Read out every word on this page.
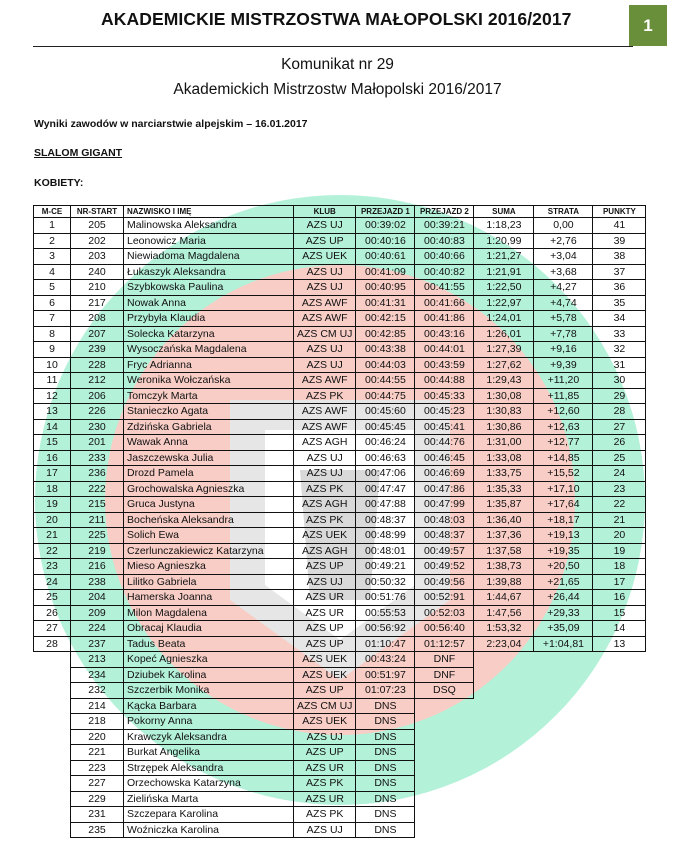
AKADEMICKIE MISTRZOSTWA MAŁOPOLSKI 2016/2017	1
Komunikat nr 29
Akademickich Mistrzostw Małopolski 2016/2017
Wyniki zawodów w narciarstwie alpejskim – 16.01.2017
SLALOM GIGANT
KOBIETY:
M-CE	NR-START	NAZWISKO I IMĘ	KLUB	PRZEJAZD 1	PRZEJAZD 2	SUMA	STRATA	PUNKTY
1	205	Malinowska Aleksandra	AZS UJ	00:39:02	00:39:21	1:18,23	0,00	41
2	202	Leonowicz Maria	AZS UP	00:40:16	00:40:83	1:20,99	+2,76	39
3	203	Niewiadoma Magdalena	AZS UEK	00:40:61	00:40:66	1:21,27	+3,04	38
4	240	Łukaszyk Aleksandra	AZS UJ	00:41:09	00:40:82	1:21,91	+3,68	37
5	210	Szybkowska Paulina	AZS UJ	00:40:95	00:41:55	1:22,50	+4,27	36
6	217	Nowak Anna	AZS AWF	00:41:31	00:41:66	1:22,97	+4,74	35
7	208	Przybyła Klaudia	AZS AWF	00:42:15	00:41:86	1:24,01	+5,78	34
8	207	Solecka Katarzyna	AZS CM UJ	00:42:85	00:43:16	1:26,01	+7,78	33
9	239	Wysoczańska Magdalena	AZS UJ	00:43:38	00:44:01	1:27,39	+9,16	32
10	228	Fryc Adrianna	AZS UJ	00:44:03	00:43:59	1:27,62	+9,39	31
11	212	Weronika Wołczańska	AZS AWF	00:44:55	00:44:88	1:29,43	+11,20	30
12	206	Tomczyk Marta	AZS PK	00:44:75	00:45:33	1:30,08	+11,85	29
13	226	Stanieczko Agata	AZS AWF	00:45:60	00:45:23	1:30,83	+12,60	28
14	230	Zdzińska Gabriela	AZS AWF	00:45:45	00:45:41	1:30,86	+12,63	27
15	201	Wawak Anna	AZS AGH	00:46:24	00:44:76	1:31,00	+12,77	26
16	233	Jaszczewska Julia	AZS UJ	00:46:63	00:46:45	1:33,08	+14,85	25
17	236	Drozd Pamela	AZS UJ	00:47:06	00:46:69	1:33,75	+15,52	24
18	222	Grochowalska Agnieszka	AZS PK	00:47:47	00:47:86	1:35,33	+17,10	23
19	215	Gruca Justyna	AZS AGH	00:47:88	00:47:99	1:35,87	+17,64	22
20	211	Bocheńska Aleksandra	AZS PK	00:48:37	00:48:03	1:36,40	+18,17	21
21	225	Solich Ewa	AZS UEK	00:48:99	00:48:37	1:37,36	+19,13	20
22	219	Czerlunczakiewicz Katarzyna	AZS AGH	00:48:01	00:49:57	1:37,58	+19,35	19
23	216	Mieso Agnieszka	AZS UP	00:49:21	00:49:52	1:38,73	+20,50	18
24	238	Lilitko Gabriela	AZS UJ	00:50:32	00:49:56	1:39,88	+21,65	17
25	204	Hamerska Joanna	AZS UR	00:51:76	00:52:91	1:44,67	+26,44	16
26	209	Milon Magdalena	AZS UR	00:55:53	00:52:03	1:47,56	+29,33	15
27	224	Obracaj Klaudia	AZS UP	00:56:92	00:56:40	1:53,32	+35,09	14
28	237	Tadus Beata	AZS UP	01:10:47	01:12:57	2:23,04	+1:04,81	13
	213	Kopeć Agnieszka	AZS UEK	00:43:24	DNF			
	234	Dziubek Karolina	AZS UEK	00:51:97	DNF			
	232	Szczerbik Monika	AZS UP	01:07:23	DSQ			
	214	Kącka Barbara	AZS CM UJ	DNS				
	218	Pokorny Anna	AZS UEK	DNS				
	220	Krawczyk Aleksandra	AZS UJ	DNS				
	221	Burkat Angelika	AZS UP	DNS				
	223	Strzępek Aleksandra	AZS UR	DNS				
	227	Orzechowska Katarzyna	AZS PK	DNS				
	229	Zielińska Marta	AZS UR	DNS				
	231	Szczepara Karolina	AZS PK	DNS				
	235	Woźniczka Karolina	AZS UJ	DNS				
